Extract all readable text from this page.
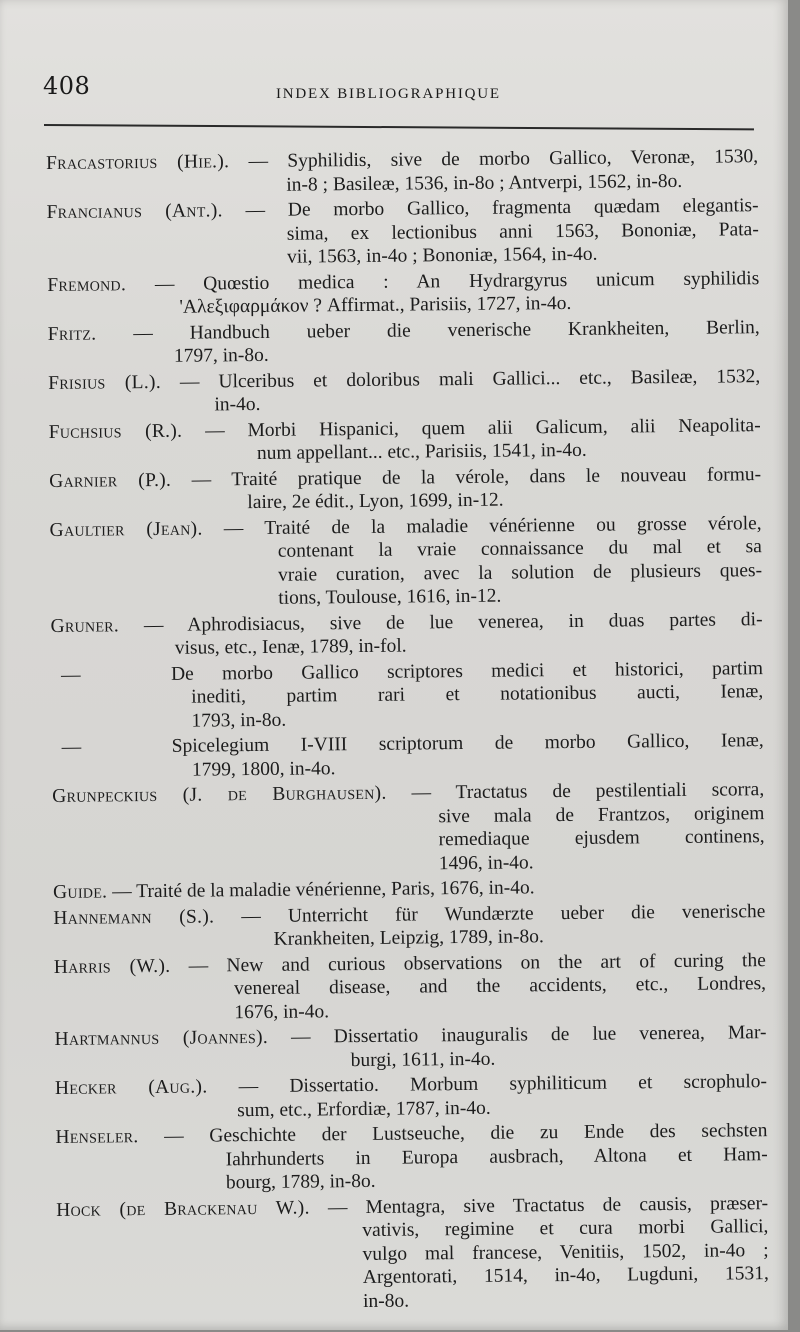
408	INDEX BIBLIOGRAPHIQUE
Fracastorius (Hie.). — Syphilidis, sive de morbo Gallico, Veronæ, 1530,
in-8 ; Basileæ, 1536, in-8o ; Antverpi, 1562, in-8o.
Francianus (Ant.). — De morbo Gallico, fragmenta quædam elegantis-
sima, ex lectionibus anni 1563, Bononiæ, Pata-
vii, 1563, in-4o ; Bononiæ, 1564, in-4o.
Fremond. — Quœstio medica : An Hydrargyrus unicum syphilidis
'Αλεξιφαρμάκον ? Affirmat., Parisiis, 1727, in-4o.
Fritz. — Handbuch ueber die venerische Krankheiten, Berlin,
1797, in-8o.
Frisius (L.). — Ulceribus et doloribus mali Gallici... etc., Basileæ, 1532,
in-4o.
Fuchsius (R.). — Morbi Hispanici, quem alii Galicum, alii Neapolita-
num appellant... etc., Parisiis, 1541, in-4o.
Garnier (P.). — Traité pratique de la vérole, dans le nouveau formu-
laire, 2e édit., Lyon, 1699, in-12.
Gaultier (Jean). — Traité de la maladie vénérienne ou grosse vérole,
contenant la vraie connaissance du mal et sa
vraie curation, avec la solution de plusieurs ques-
tions, Toulouse, 1616, in-12.
Gruner. — Aphrodisiacus, sive de lue venerea, in duas partes di-
visus, etc., Ienæ, 1789, in-fol.
—	De morbo Gallico scriptores medici et historici, partim
inediti, partim rari et notationibus aucti, Ienæ,
1793, in-8o.
—	Spicelegium I-VIII scriptorum de morbo Gallico, Ienæ,
1799, 1800, in-4o.
Grunpeckius (J. de Burghausen). — Tractatus de pestilentiali scorra,
sive mala de Frantzos, originem
remediaque ejusdem continens,
1496, in-4o.
Guide. — Traité de la maladie vénérienne, Paris, 1676, in-4o.
Hannemann (S.). — Unterricht für Wundærzte ueber die venerische
Krankheiten, Leipzig, 1789, in-8o.
Harris (W.). — New and curious observations on the art of curing the
venereal disease, and the accidents, etc., Londres,
1676, in-4o.
Hartmannus (Joannes). — Dissertatio inauguralis de lue venerea, Mar-
burgi, 1611, in-4o.
Hecker (Aug.). — Dissertatio. Morbum syphiliticum et scrophulo-
sum, etc., Erfordiæ, 1787, in-4o.
Henseler. — Geschichte der Lustseuche, die zu Ende des sechsten
Iahrhunderts in Europa ausbrach, Altona et Ham-
bourg, 1789, in-8o.
Hock (de Brackenau W.). — Mentagra, sive Tractatus de causis, præser-
vativis, regimine et cura morbi Gallici,
vulgo mal francese, Venitiis, 1502, in-4o ;
Argentorati, 1514, in-4o, Lugduni, 1531,
in-8o.
